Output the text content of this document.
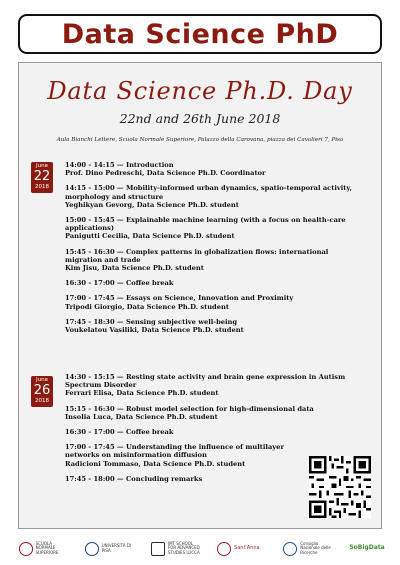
Data Science PhD
Data Science Ph.D. Day
22nd and 26th June 2018
Aula Bianchi Lettere, Scuola Normale Superiore, Palazzo della Carovana, piazza dei Cavalieri 7, Pisa
June
22
2018
14:00 - 14:15 — Introduction
Prof. Dino Pedreschi, Data Science Ph.D. Coordinator
14:15 - 15:00 — Mobility-informed urban dynamics, spatio-temporal activity, morphology and structure
Yeghikyan Gevorg, Data Science Ph.D. student
15:00 - 15:45 — Explainable machine learning (with a focus on health-care applications)
Panigutti Cecilia, Data Science Ph.D. student
15:45 - 16:30 — Complex patterns in globalization flows: international migration and trade
Kim Jisu, Data Science Ph.D. student
16:30 - 17:00 — Coffee break
17:00 - 17:45 — Essays on Science, Innovation and Proximity
Tripodi Giorgio, Data Science Ph.D. student
17:45 - 18:30 — Sensing subjective well-being
Voukelatou Vasiliki, Data Science Ph.D. student
June
26
2018
14:30 - 15:15 — Resting state activity and brain gene expression in Autism Spectrum Disorder
Ferrari Elisa, Data Science Ph.D. student
15:15 - 16:30 — Robust model selection for high-dimensional data
Insolia Luca, Data Science Ph.D. student
16:30 - 17:00 — Coffee break
17:00 - 17:45 — Understanding the influence of multilayer networks on misinformation diffusion
Radicioni Tommaso, Data Science Ph.D. student
17:45 - 18:00 — Concluding remarks
SCUOLA NORMALE SUPERIORE
UNIVERSITÀ DI PISA
IMT SCHOOL FOR ADVANCED STUDIES LUCCA
Sant'Anna
Consiglio Nazionale delle Ricerche
SoBigData
